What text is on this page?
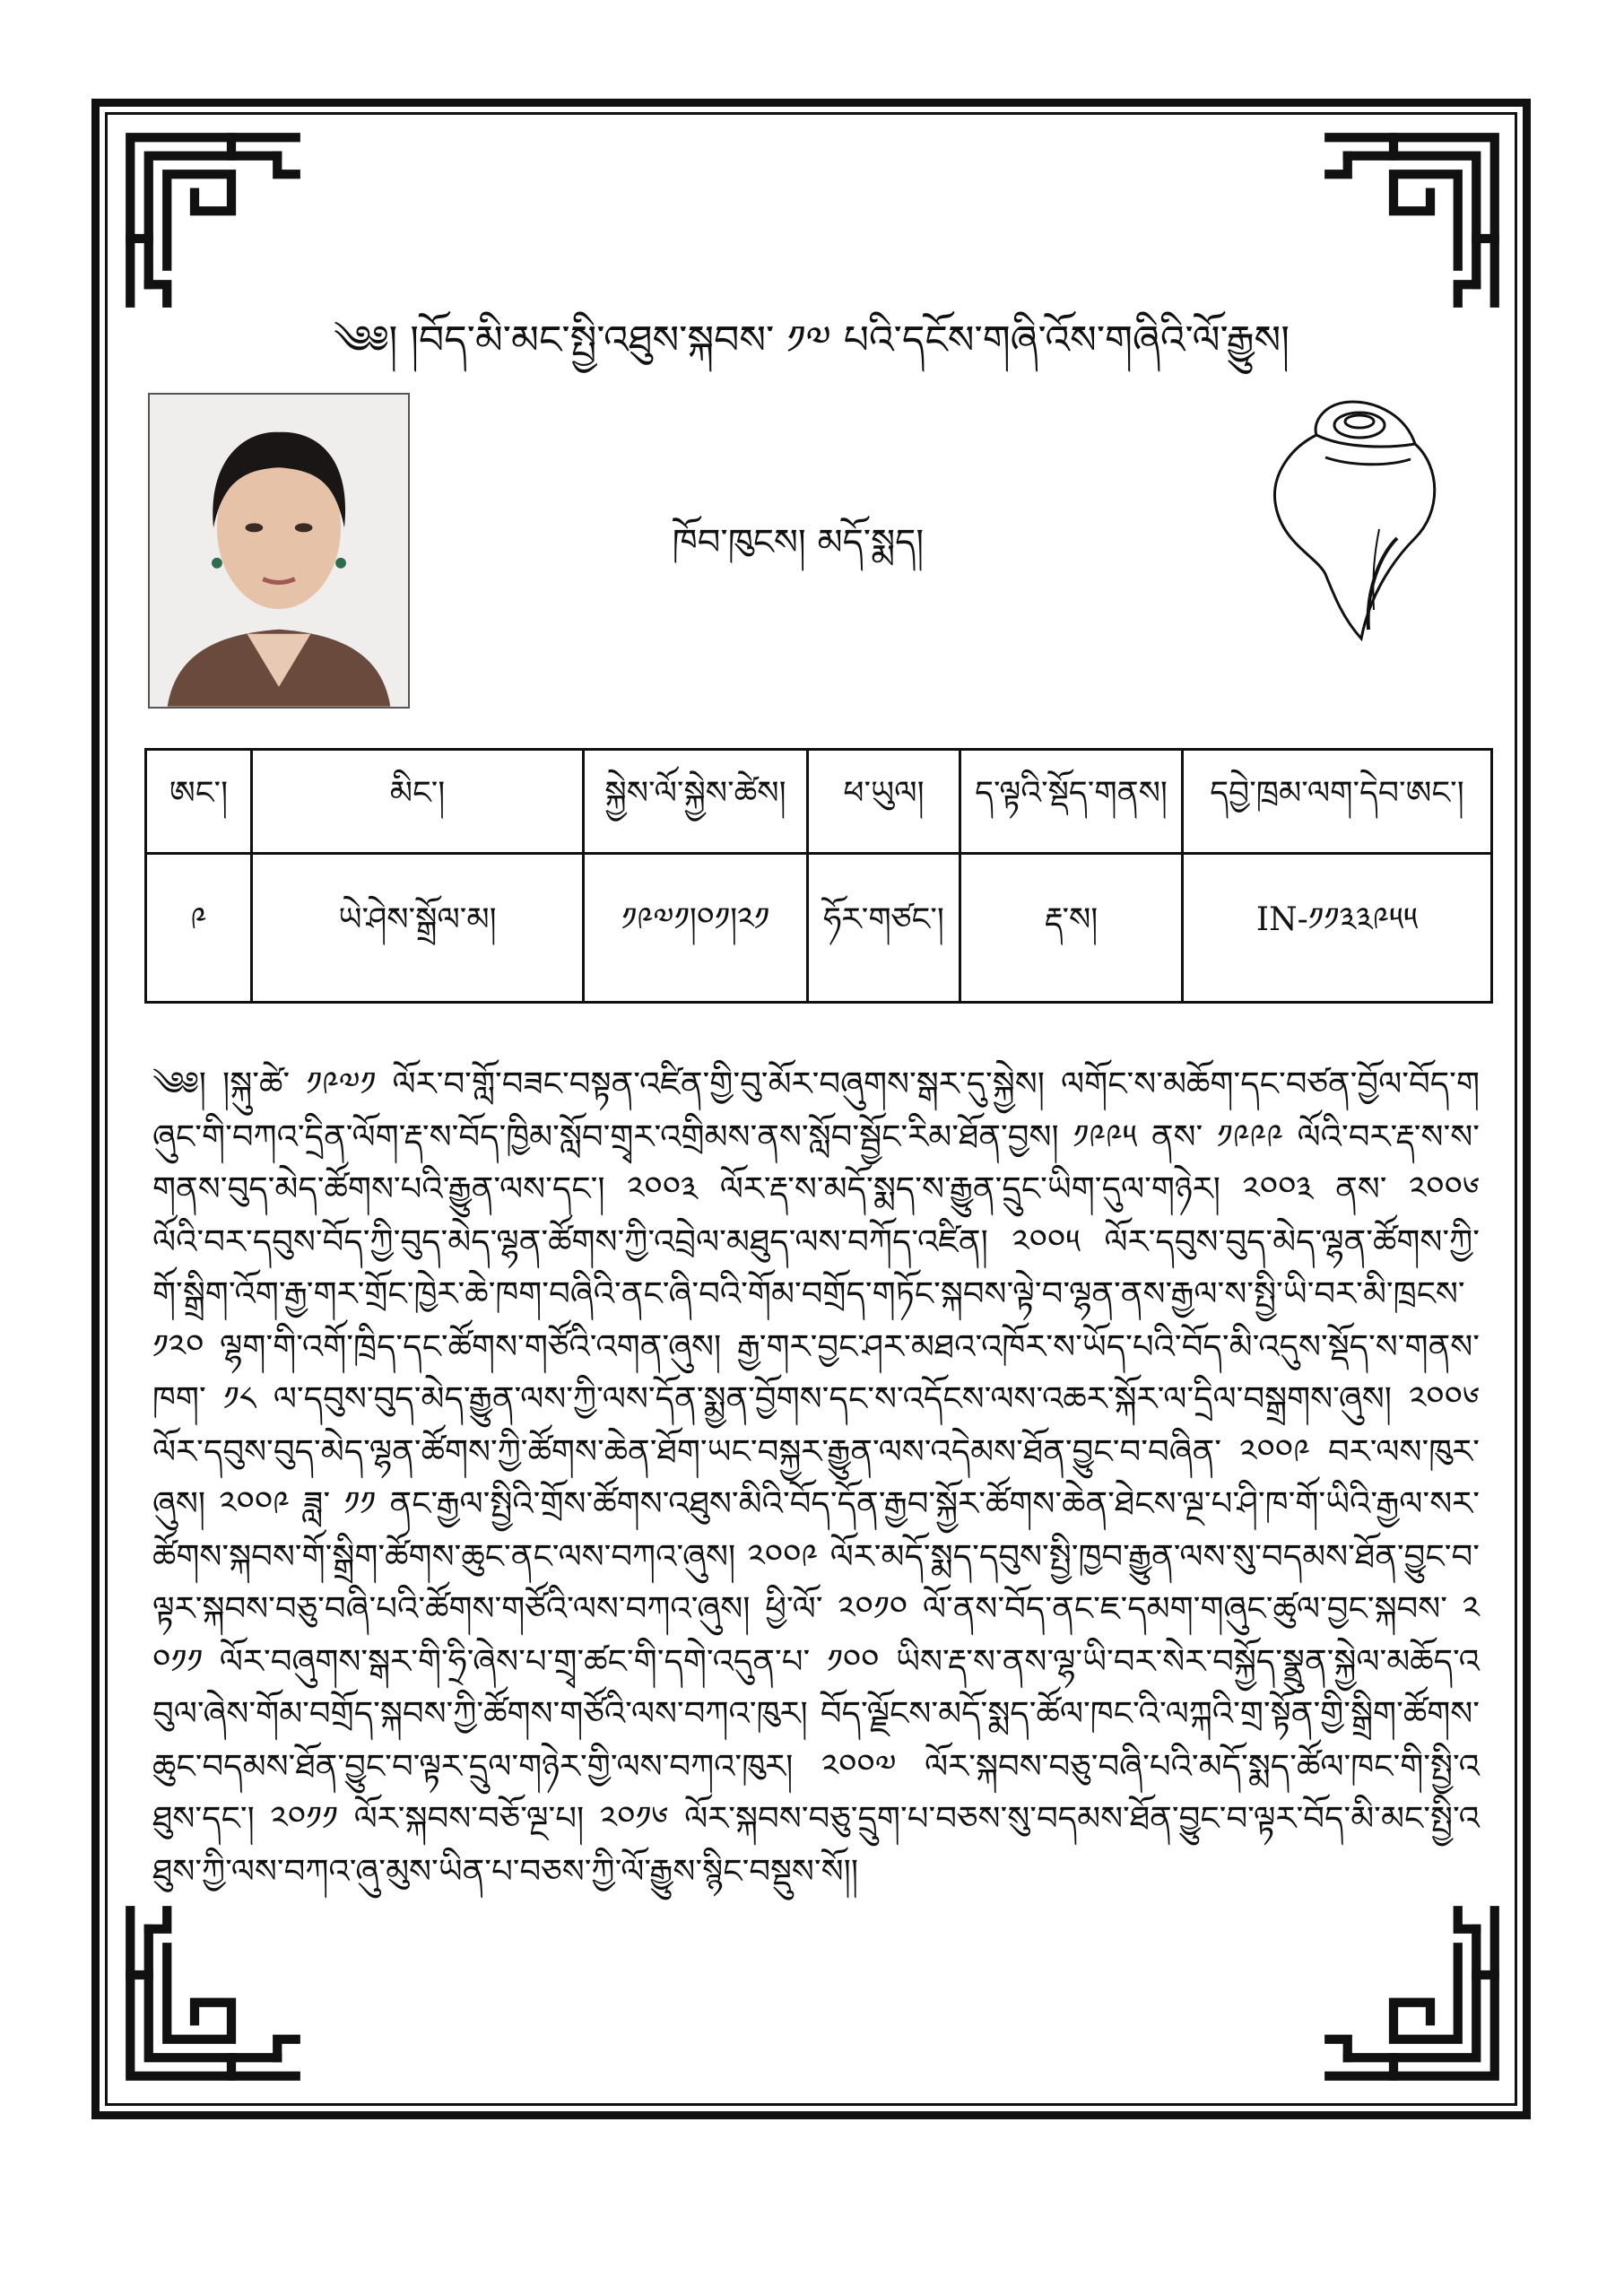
༄༅། །བོད་མི་མང་སྤྱི་འཐུས་སྐབས་ ༡༧ པའི་དངོས་གཞི་འོས་གཞིའི་ལོ་རྒྱུས།
ཁོབ་ཁུངས། མདོ་སྨད།
ཨང་།	མིང་།	སྐྱེས་ལོ་སྐྱེས་ཚེས།	ཕ་ཡུལ།	ད་ལྟའི་སྡོད་གནས།	དབྱེ་ཁྲམ་ལག་དེབ་ཨང་།
༩	ཡེ་ཤེས་སྒྲོལ་མ།	༡༩༧༡།༠༡།༢༡	ཧོར་གཙང་།	རྡ་ས།	IN-༡༡༣༣༩༥༥
༄༅། །སྐུ་ཚེ་ ༡༩༧༡ ལོར་བ་གློ་བཟང་བསྟན་འཛིན་གྱི་བུ་མོར་བཞུགས་སྒར་དུ་སྐྱེས། ལགོང་ས་མཆོག་དང་བཙན་བྱོལ་བོད་གཞུང་གི་བཀའ་དྲིན་ལོག་རྡ་ས་བོད་ཁྱིམ་སློབ་གྲྭར་འགྲིམས་ནས་སློབ་སྦྱོང་རིམ་ཐོན་བྱས། ༡༩༩༥ ནས་ ༡༩༩༩ ལོའི་བར་རྡ་ས་ས་གནས་བུད་མེད་ཚོགས་པའི་རྒྱུན་ལས་དང་། ༢༠༠༣ ལོར་རྡ་ས་མདོ་སྨད་ས་རྒྱུན་དྲུང་ཡིག་དུལ་གཉེར། ༢༠༠༣ ནས་ ༢༠༠༦ ལོའི་བར་དབུས་བོད་ཀྱི་བུད་མེད་ལྷན་ཚོགས་ཀྱི་འབྲེལ་མཐུད་ལས་བཀོད་འཛིན། ༢༠༠༥ ལོར་དབུས་བུད་མེད་ལྷན་ཚོགས་ཀྱི་གོ་སྒྲིག་འོག་རྒྱ་གར་གྲོང་ཁྱེར་ཆེ་ཁག་བཞིའི་ནང་ཞི་བའི་གོམ་བགྲོད་གཏོང་སྐབས་ལྟེ་བ་ལྷན་ནས་རྒྱལ་ས་སྤྱི་ཡི་བར་མི་ཁྲངས་ ༡༢༠ ལྷག་གི་འགོ་ཁྲིད་དང་ཚོགས་གཙོའི་འགན་ཞུས། རྒྱ་གར་བྱང་ཤར་མཐའ་འཁོར་ས་ཡོད་པའི་བོད་མི་འདུས་སྡོད་ས་གནས་ཁག་ ༡༨ ལ་དབུས་བུད་མེད་རྒྱུན་ལས་ཀྱི་ལས་དོན་སྨྱན་བྱོགས་དང་ས་འདོངས་ལས་འཆར་སྐོར་ལ་དྲིལ་བསྒྲགས་ཞུས། ༢༠༠༦ ལོར་དབུས་བུད་མེད་ལྷན་ཚོགས་ཀྱི་ཚོགས་ཆེན་ཐོག་ཡང་བསྐྱར་རྒྱུན་ལས་འདེམས་ཐོན་བྱུང་བ་བཞིན་ ༢༠༠༩ བར་ལས་ཁུར་ཞུས། ༢༠༠༩ ཟླ་ ༡༡ ནང་རྒྱལ་སྤྱིའི་གྲོས་ཚོགས་འཐུས་མིའི་བོད་དོན་རྒྱབ་སྐྱོར་ཚོགས་ཆེན་ཐེངས་ལྔ་པ་ཤི་ཁ་གོ་ཡིའི་རྒྱལ་སར་ཚོགས་སྐབས་གོ་སྒྲིག་ཚོགས་ཆུང་ནང་ལས་བཀའ་ཞུས། ༢༠༠༩ ལོར་མདོ་སྨད་དབུས་སྤྱི་ཁྱབ་རྒྱུན་ལས་སུ་བདམས་ཐོན་བྱུང་བ་ལྟར་སྐབས་བཅུ་བཞི་པའི་ཚོགས་གཙོའི་ལས་བཀའ་ཞུས། ཕྱི་ལོ་ ༢༠༡༠ ལོ་ནས་བོད་ནང་ཇ་དམག་གཞུང་ཚུལ་བྱང་སྐབས་ ༢༠༡༡ ལོར་བཞུགས་སྒར་གི་ཧྲི་ཞེས་པ་གྲྭ་ཚང་གི་དགེ་འདུན་པ་ ༡༠༠ ཡིས་རྡ་ས་ནས་ལྷ་ཡི་བར་སེར་བསྐྱོད་སྣྲུན་སྐྱེལ་མཆོད་འབུལ་ཞེས་གོམ་བགྲོད་སྐབས་ཀྱི་ཚོགས་གཙོའི་ལས་བཀའ་ཁུར། བོད་ལྗོངས་མདོ་སྨད་ཚོལ་ཁང་འི་ལཀྐའི་གྲ་སྟོན་གྱི་སྒྲིག་ཚོགས་ཆུང་བདམས་ཐོན་བྱུང་བ་ལྟར་དྲུལ་གཉེར་གྱི་ལས་བཀའ་ཁུར། ༢༠༠༧ ལོར་སྐབས་བཅུ་བཞི་པའི་མདོ་སྨད་ཚོལ་ཁང་གི་སྤྱི་འཐུས་དང་། ༢༠༡༡ ལོར་སྐབས་བཅོ་ལྔ་པ། ༢༠༡༦ ལོར་སྐབས་བཅུ་དྲུག་པ་བཅས་སུ་བདམས་ཐོན་བྱུང་བ་ལྟར་བོད་མི་མང་སྤྱི་འཐུས་ཀྱི་ལས་བཀའ་ཞུ་མུས་ཡིན་པ་བཅས་ཀྱི་ལོ་རྒྱུས་སྙིང་བསྡུས་སོ།།
